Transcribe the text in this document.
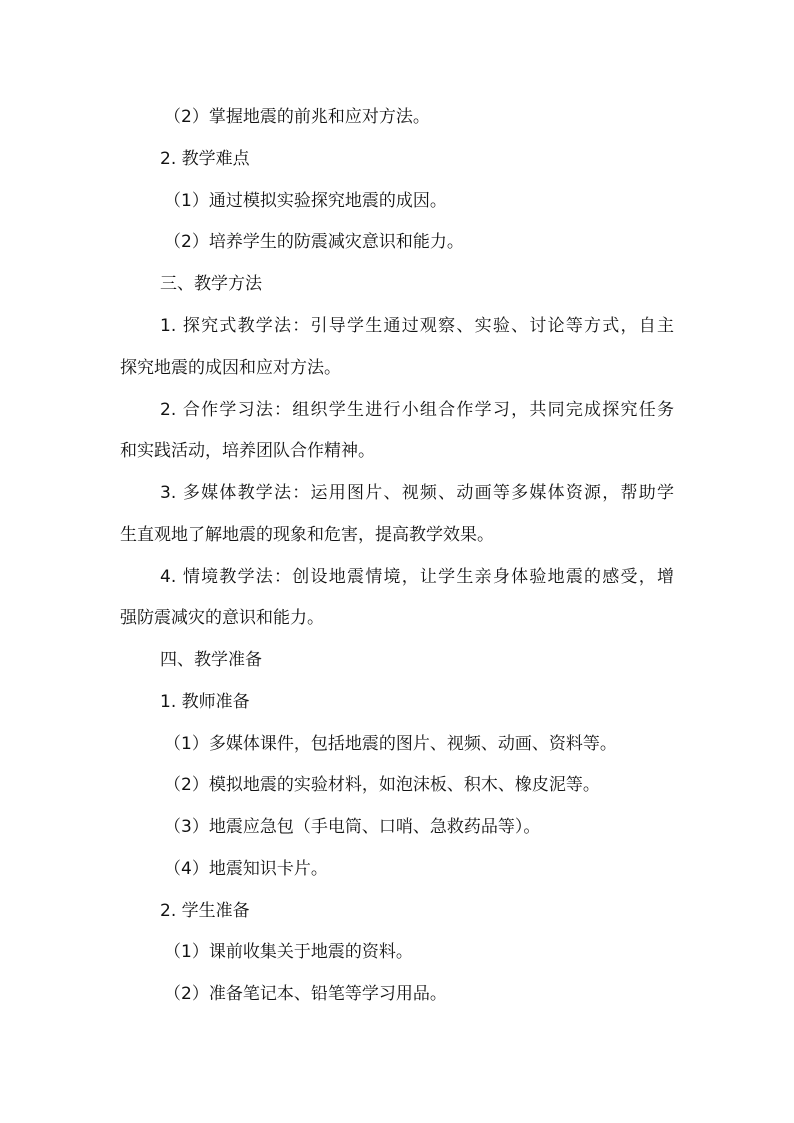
（2）掌握地震的前兆和应对方法。

2. 教学难点

（1）通过模拟实验探究地震的成因。

（2）培养学生的防震减灾意识和能力。

三、教学方法

1. 探究式教学法：引导学生通过观察、实验、讨论等方式，自主

探究地震的成因和应对方法。

2. 合作学习法：组织学生进行小组合作学习，共同完成探究任务

和实践活动，培养团队合作精神。

3. 多媒体教学法：运用图片、视频、动画等多媒体资源，帮助学

生直观地了解地震的现象和危害，提高教学效果。

4. 情境教学法：创设地震情境，让学生亲身体验地震的感受，增

强防震减灾的意识和能力。

四、教学准备

1. 教师准备

（1）多媒体课件，包括地震的图片、视频、动画、资料等。

（2）模拟地震的实验材料，如泡沫板、积木、橡皮泥等。

（3）地震应急包（手电筒、口哨、急救药品等）。

（4）地震知识卡片。

2. 学生准备

（1）课前收集关于地震的资料。

（2）准备笔记本、铅笔等学习用品。
